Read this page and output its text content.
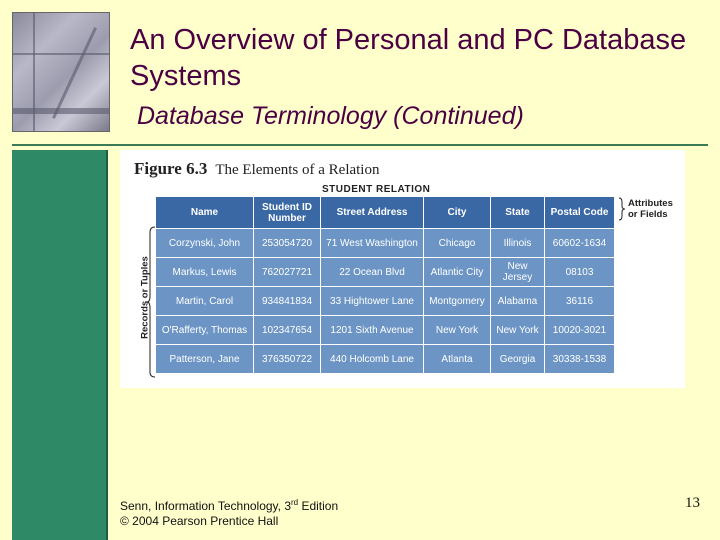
An Overview of Personal and PC Database Systems
Database Terminology (Continued)
Figure 6.3 The Elements of a Relation
STUDENT RELATION
Attributes
or Fields
Records or Tuples
Name	Student ID Number	Street Address	City	State	Postal Code
Corzynski, John	253054720	71 West Washington	Chicago	Illinois	60602-1634
Markus, Lewis	762027721	22 Ocean Blvd	Atlantic City	New Jersey	08103
Martin, Carol	934841834	33 Hightower Lane	Montgomery	Alabama	36116
O'Rafferty, Thomas	102347654	1201 Sixth Avenue	New York	New York	10020-3021
Patterson, Jane	376350722	440 Holcomb Lane	Atlanta	Georgia	30338-1538
Senn, Information Technology, 3rd Edition
© 2004 Pearson Prentice Hall
13
